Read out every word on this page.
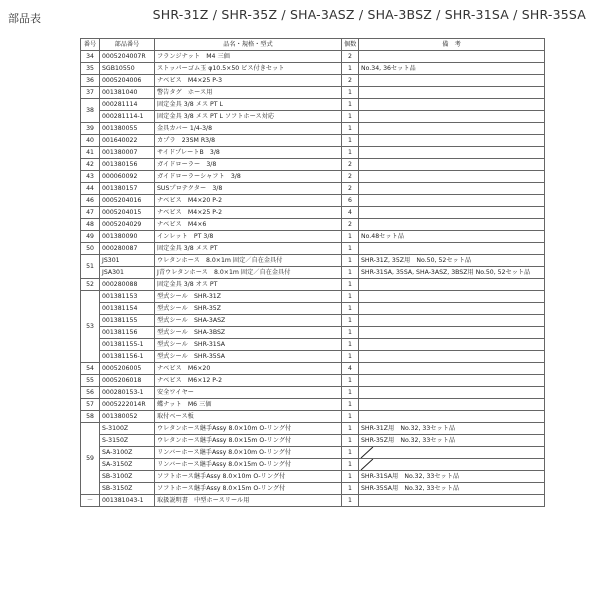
部品表	SHR-31Z / SHR-35Z / SHA-3ASZ / SHA-3BSZ / SHR-31SA / SHR-35SA
番号	部品番号	品名・規格・型式	個数	備　考
34	0005204007R	フランジナット　M4 三価	2	
35	SGB10550	ストッパーゴム玉 φ10.5×50 ビス付きセット	1	No.34, 36セット品
36	0005204006	ナベビス　M4×25 P-3	2	
37	001381040	警告タグ　ホース用	1	
38	000281114	固定金具 3/8 メス PT L	1	
	000281114-1	固定金具 3/8 メス PT L ソフトホース対応	1	
39	001380055	金具カバー 1/4-3/8	1	
40	001640022	カプラ　23SM R3/8	1	
41	001380007	サイドプレートB　3/8	1	
42	001380156	ガイドローラー　3/8	2	
43	000060092	ガイドローラーシャフト　3/8	2	
44	001380157	SUSプロテクター　3/8	2	
46	0005204016	ナベビス　M4×20 P-2	6	
47	0005204015	ナベビス　M4×25 P-2	4	
48	0005204029	ナベビス　M4×6	2	
49	001380090	インレット　PT 3/8	1	No.48セット品
50	000280087	固定金具 3/8 メス PT	1	
51	JS301	ウレタンホース　8.0×1m 固定／自在金具付	1	SHR-31Z, 35Z用　No.50, 52セット品
	JSA301	J青ウレタンホース　8.0×1m 固定／自在金具付	1	SHR-31SA, 35SA, SHA-3ASZ, 3BSZ用 No.50, 52セット品
52	000280088	固定金具 3/8 オス PT	1	
53	001381153	型式シール　SHR-31Z	1	
	001381154	型式シール　SHR-35Z	1	
	001381155	型式シール　SHA-3ASZ	1	
	001381156	型式シール　SHA-3BSZ	1	
	001381155-1	型式シール　SHR-31SA	1	
	001381156-1	型式シール　SHR-35SA	1	
54	0005206005	ナベビス　M6×20	4	
55	0005206018	ナベビス　M6×12 P-2	1	
56	000280153-1	安全ワイヤー	1	
57	0005222014R	蝶ナット　M6 三価	1	
58	001380052	取付ベース板	1	
59	S-3100Z	ウレタンホース継手Assy 8.0×10m O-リング付	1	SHR-31Z用　No.32, 33セット品
	S-3150Z	ウレタンホース継手Assy 8.0×15m O-リング付	1	SHR-35Z用　No.32, 33セット品
	SA-3100Z	リンバーホース継手Assy 8.0×10m O-リング付	1	

	SA-3150Z	リンバーホース継手Assy 8.0×15m O-リング付	1	

	SB-3100Z	ソフトホース継手Assy 8.0×10m O-リング付	1	SHR-31SA用　No.32, 33セット品
	SB-3150Z	ソフトホース継手Assy 8.0×15m O-リング付	1	SHR-35SA用　No.32, 33セット品
－	001381043-1	取扱説明書　中型ホースリール用	1	
